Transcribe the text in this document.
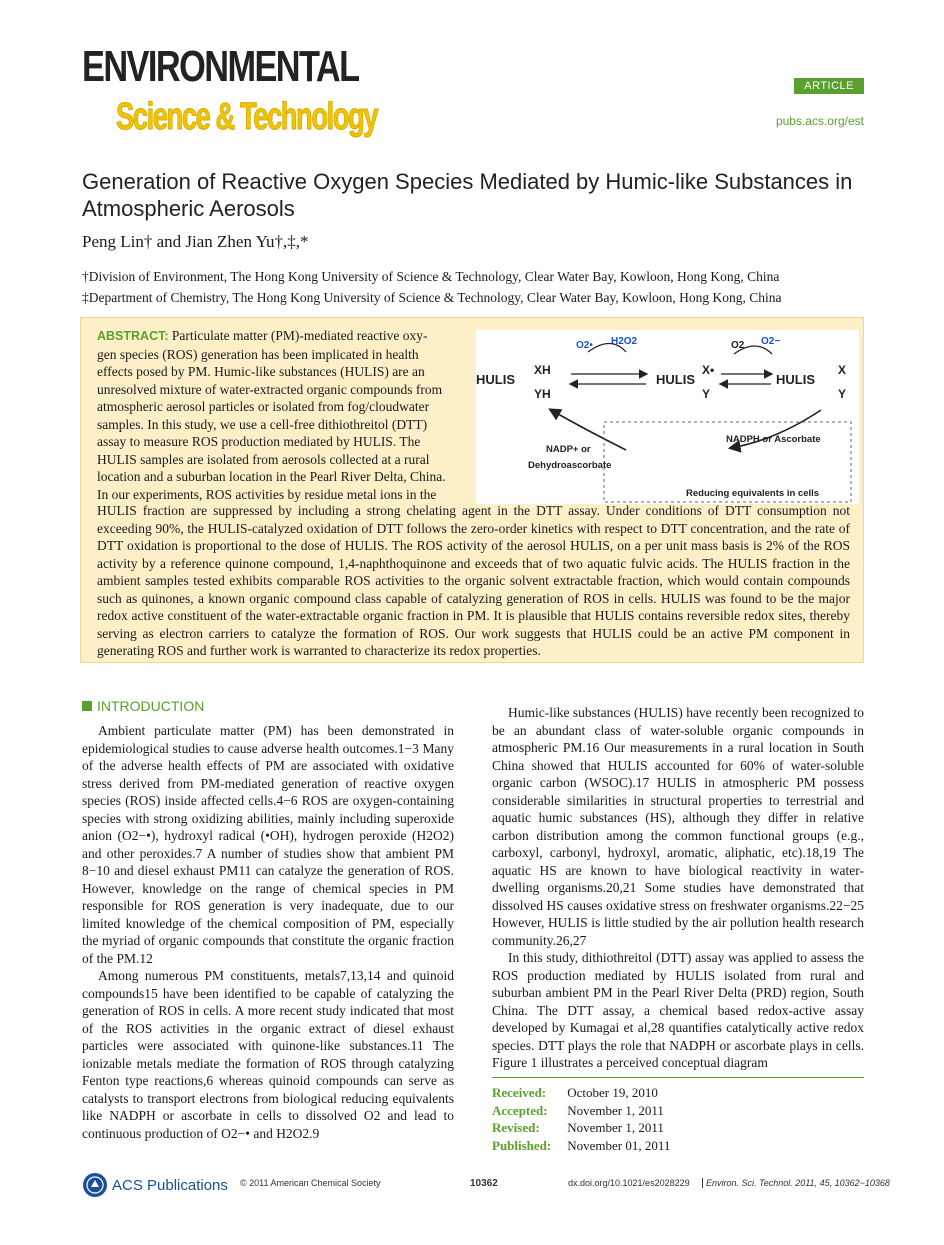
ENVIRONMENTAL
Science & Technology
ARTICLE
pubs.acs.org/est
Generation of Reactive Oxygen Species Mediated by Humic-like Substances in Atmospheric Aerosols
Peng Lin† and Jian Zhen Yu†,‡,*
†Division of Environment, The Hong Kong University of Science & Technology, Clear Water Bay, Kowloon, Hong Kong, China
‡Department of Chemistry, The Hong Kong University of Science & Technology, Clear Water Bay, Kowloon, Hong Kong, China
ABSTRACT: Particulate matter (PM)-mediated reactive oxy-
gen species (ROS) generation has been implicated in health
effects posed by PM. Humic-like substances (HULIS) are an
unresolved mixture of water-extracted organic compounds from
atmospheric aerosol particles or isolated from fog/cloudwater
samples. In this study, we use a cell-free dithiothreitol (DTT)
assay to measure ROS production mediated by HULIS. The
HULIS samples are isolated from aerosols collected at a rural
location and a suburban location in the Pearl River Delta, China.
In our experiments, ROS activities by residue metal ions in the
O2• H2O2	O2 O2−
HULIS
XH
YH
HULIS
X•
Y
HULIS
X
Y
NADP+ or
Dehydroascorbate
NADPH or Ascorbate
Reducing equivalents in cells
HULIS fraction are suppressed by including a strong chelating agent in the DTT assay. Under conditions of DTT consumption not exceeding 90%, the HULIS-catalyzed oxidation of DTT follows the zero-order kinetics with respect to DTT concentration, and the rate of DTT oxidation is proportional to the dose of HULIS. The ROS activity of the aerosol HULIS, on a per unit mass basis is 2% of the ROS activity by a reference quinone compound, 1,4-naphthoquinone and exceeds that of two aquatic fulvic acids. The HULIS fraction in the ambient samples tested exhibits comparable ROS activities to the organic solvent extractable fraction, which would contain compounds such as quinones, a known organic compound class capable of catalyzing generation of ROS in cells. HULIS was found to be the major redox active constituent of the water-extractable organic fraction in PM. It is plausible that HULIS contains reversible redox sites, thereby serving as electron carriers to catalyze the formation of ROS. Our work suggests that HULIS could be an active PM component in generating ROS and further work is warranted to characterize its redox properties.
INTRODUCTION
Ambient particulate matter (PM) has been demonstrated in epidemiological studies to cause adverse health outcomes.1−3 Many of the adverse health effects of PM are associated with oxidative stress derived from PM-mediated generation of reactive oxygen species (ROS) inside affected cells.4−6 ROS are oxygen-containing species with strong oxidizing abilities, mainly including superoxide anion (O2−•), hydroxyl radical (•OH), hydrogen peroxide (H2O2) and other peroxides.7 A number of studies show that ambient PM 8−10 and diesel exhaust PM11 can catalyze the generation of ROS. However, knowledge on the range of chemical species in PM responsible for ROS generation is very inadequate, due to our limited knowledge of the chemical composition of PM, especially the myriad of organic compounds that constitute the organic fraction of the PM.12
Among numerous PM constituents, metals7,13,14 and quinoid compounds15 have been identified to be capable of catalyzing the generation of ROS in cells. A more recent study indicated that most of the ROS activities in the organic extract of diesel exhaust particles were associated with quinone-like substances.11 The ionizable metals mediate the formation of ROS through catalyzing Fenton type reactions,6 whereas quinoid compounds can serve as catalysts to transport electrons from biological reducing equivalents like NADPH or ascorbate in cells to dissolved O2 and lead to continuous production of O2−• and H2O2.9
Humic-like substances (HULIS) have recently been recognized to be an abundant class of water-soluble organic compounds in atmospheric PM.16 Our measurements in a rural location in South China showed that HULIS accounted for 60% of water-soluble organic carbon (WSOC).17 HULIS in atmospheric PM possess considerable similarities in structural properties to terrestrial and aquatic humic substances (HS), although they differ in relative carbon distribution among the common functional groups (e.g., carboxyl, carbonyl, hydroxyl, aromatic, aliphatic, etc).18,19 The aquatic HS are known to have biological reactivity in water-dwelling organisms.20,21 Some studies have demonstrated that dissolved HS causes oxidative stress on freshwater organisms.22−25 However, HULIS is little studied by the air pollution health research community.26,27
In this study, dithiothreitol (DTT) assay was applied to assess the ROS production mediated by HULIS isolated from rural and suburban ambient PM in the Pearl River Delta (PRD) region, South China. The DTT assay, a chemical based redox-active assay developed by Kumagai et al,28 quantifies catalytically active redox species. DTT plays the role that NADPH or ascorbate plays in cells. Figure 1 illustrates a perceived conceptual diagram
Received: October 19, 2010
Accepted: November 1, 2011
Revised: November 1, 2011
Published: November 01, 2011
ACS Publications © 2011 American Chemical Society	10362	dx.doi.org/10.1021/es2028229	Environ. Sci. Technol. 2011, 45, 10362−10368
